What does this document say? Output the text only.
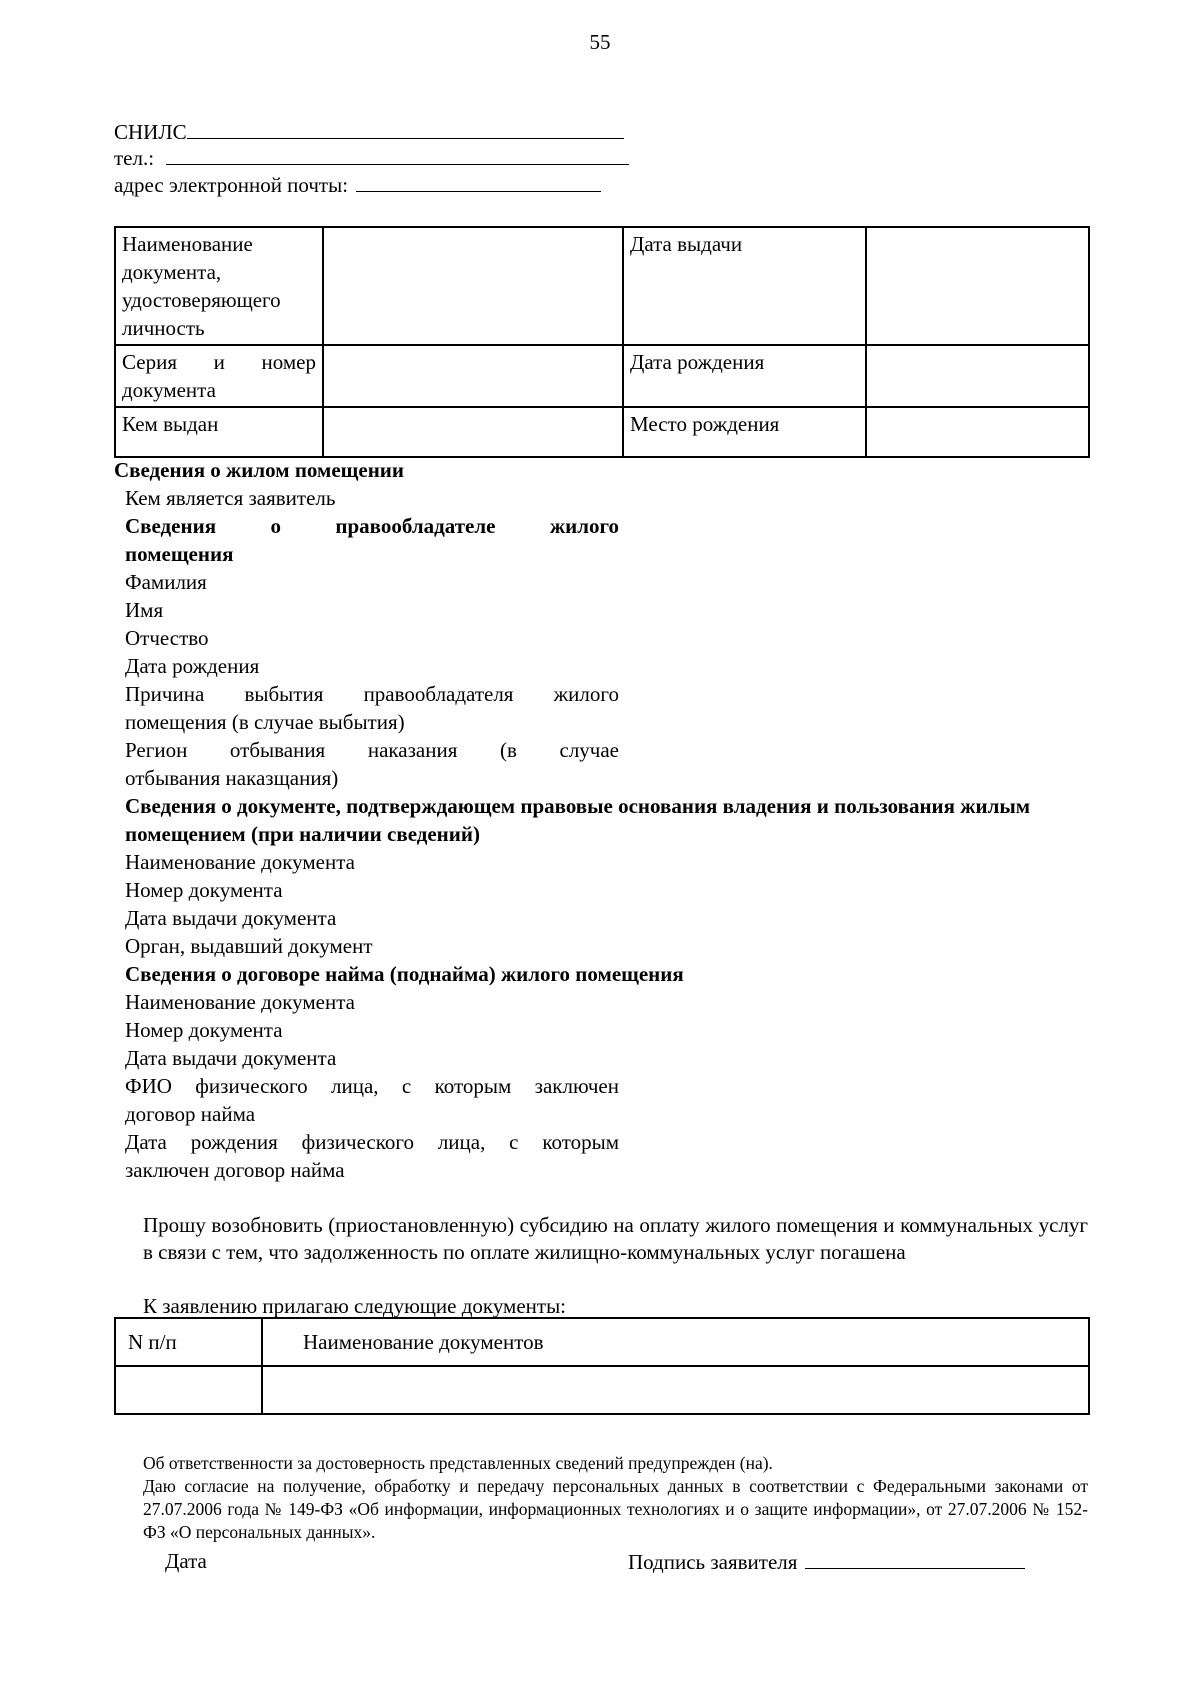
55
СНИЛС
тел.:
адрес электронной почты:
Наименование документа, удостоверяющего личность		Дата выдачи	

Серия и номер
документа		Дата рождения	
Кем выдан		Место рождения	
Сведения о жилом помещении
Кем является заявитель
Сведения о правообладателе жилого
помещения
Фамилия
Имя
Отчество
Дата рождения
Причина выбытия правообладателя жилого
помещения (в случае выбытия)
Регион отбывания наказания (в случае
отбывания наказщания)
Сведения о документе, подтверждающем правовые основания владения и пользования жилым помещением (при наличии сведений)
Наименование документа
Номер документа
Дата выдачи документа
Орган, выдавший документ
Сведения о договоре найма (поднайма) жилого помещения
Наименование документа
Номер документа
Дата выдачи документа
ФИО физического лица, с которым заключен
договор найма
Дата рождения физического лица, с которым
заключен договор найма
Прошу возобновить (приостановленную) субсидию на оплату жилого помещения и коммунальных услуг в связи с тем, что задолженность по оплате жилищно-коммунальных услуг погашена
К заявлению прилагаю следующие документы:
N п/п	Наименование документов

Об ответственности за достоверность представленных сведений предупрежден (на).
Даю согласие на получение, обработку и передачу персональных данных в соответствии с Федеральными законами от 27.07.2006 года № 149-ФЗ «Об информации, информационных технологиях и о защите информации», от 27.07.2006 № 152-ФЗ «О персональных данных».
Дата	Подпись заявителя
